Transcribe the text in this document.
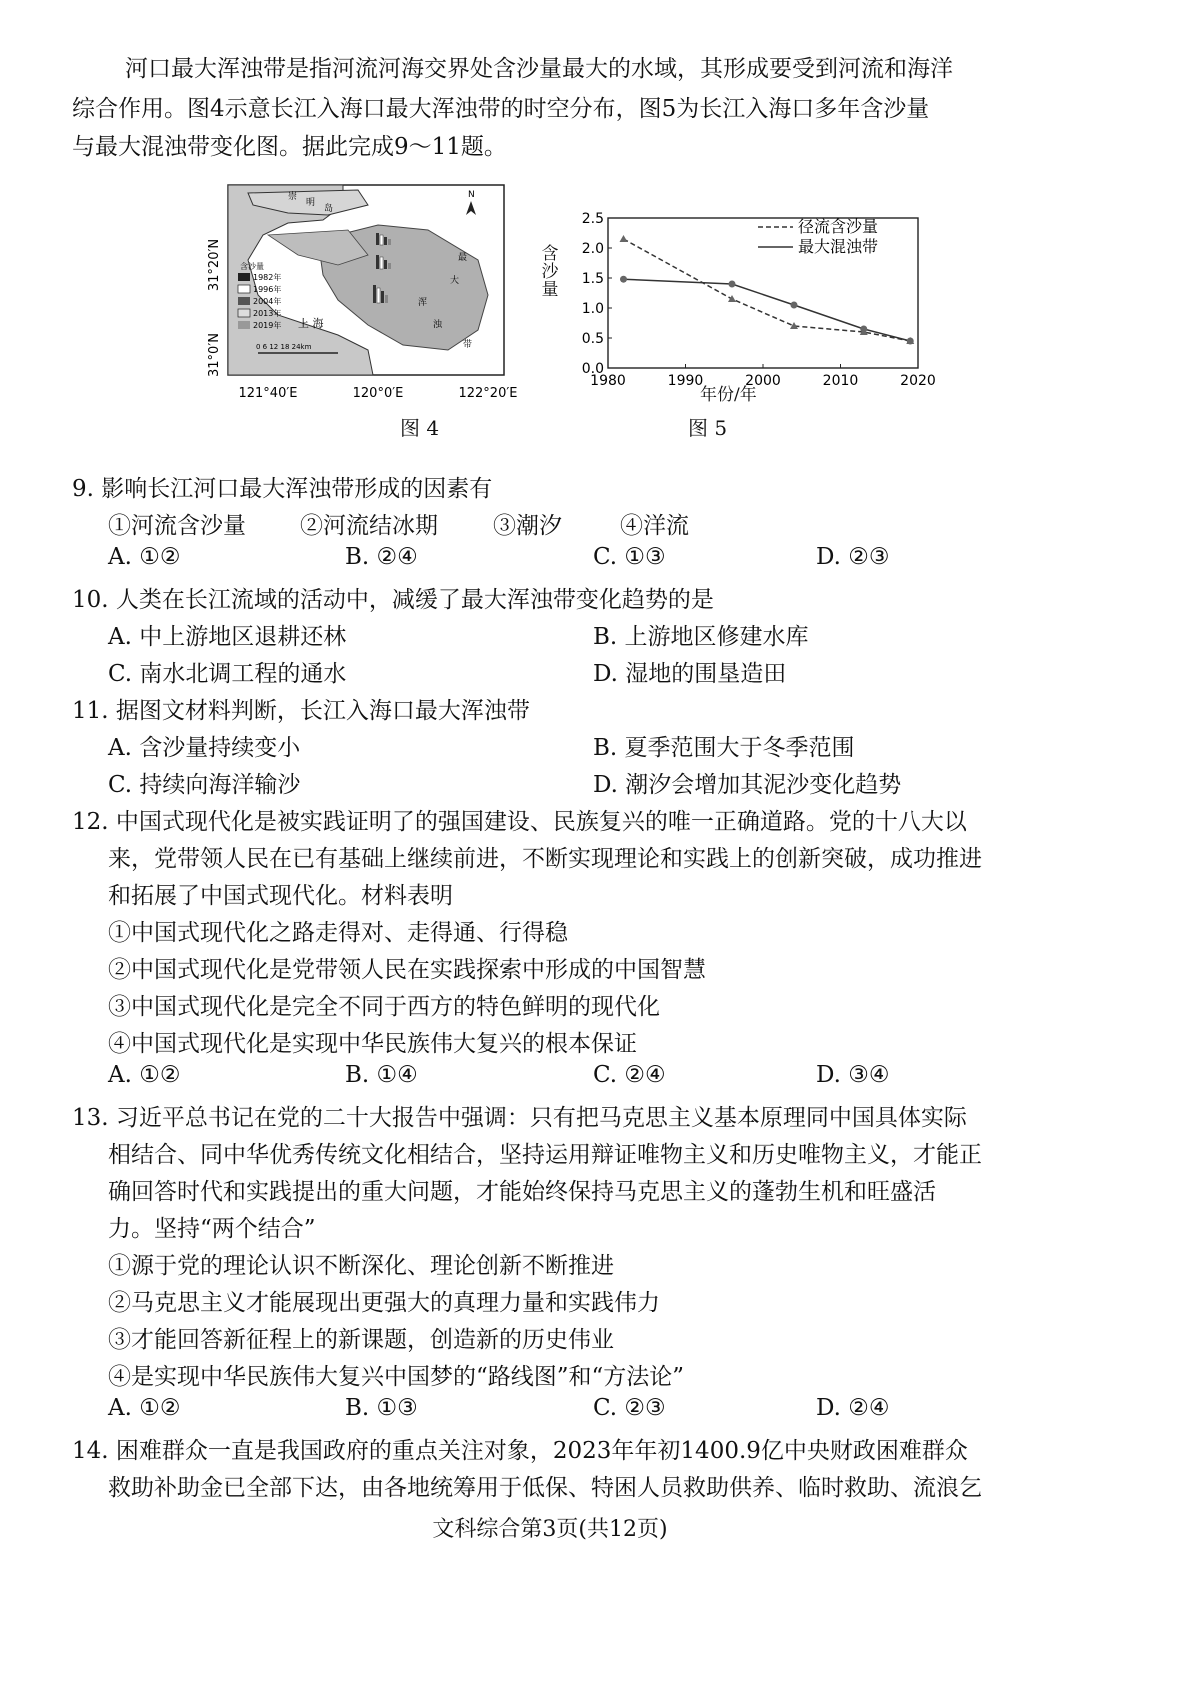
河口最大浑浊带是指河流河海交界处含沙量最大的水域，其形成要受到河流和海洋
综合作用。图4示意长江入海口最大浑浊带的时空分布，图5为长江入海口多年含沙量
与最大混浊带变化图。据此完成9～11题。
崇
明
岛
上 海
最
大
浑
浊
带
N
含沙量
1982年
1996年
2004年
2013年
2019年
0 6 12 18 24km
31°20′N
31°0′N
121°40′E	120°0′E	122°20′E
图 4
0.0
0.5
1.0
1.5
2.0
2.5
1980	1990	2000	2010	2020
径流含沙量
最大混浊带
含沙量
年份/年
图 5
9. 影响长江河口最大浑浊带形成的因素有
①河流含沙量 ②河流结冰期 ③潮汐	④洋流
A. ①②	B. ②④	C. ①③	D. ②③
10. 人类在长江流域的活动中，减缓了最大浑浊带变化趋势的是
A. 中上游地区退耕还林	B. 上游地区修建水库
C. 南水北调工程的通水	D. 湿地的围垦造田
11. 据图文材料判断，长江入海口最大浑浊带
A. 含沙量持续变小	B. 夏季范围大于冬季范围
C. 持续向海洋输沙	D. 潮汐会增加其泥沙变化趋势
12. 中国式现代化是被实践证明了的强国建设、民族复兴的唯一正确道路。党的十八大以
来，党带领人民在已有基础上继续前进，不断实现理论和实践上的创新突破，成功推进
和拓展了中国式现代化。材料表明
①中国式现代化之路走得对、走得通、行得稳
②中国式现代化是党带领人民在实践探索中形成的中国智慧
③中国式现代化是完全不同于西方的特色鲜明的现代化
④中国式现代化是实现中华民族伟大复兴的根本保证
A. ①②	B. ①④	C. ②④	D. ③④
13. 习近平总书记在党的二十大报告中强调：只有把马克思主义基本原理同中国具体实际
相结合、同中华优秀传统文化相结合，坚持运用辩证唯物主义和历史唯物主义，才能正
确回答时代和实践提出的重大问题，才能始终保持马克思主义的蓬勃生机和旺盛活
力。坚持“两个结合”
①源于党的理论认识不断深化、理论创新不断推进
②马克思主义才能展现出更强大的真理力量和实践伟力
③才能回答新征程上的新课题，创造新的历史伟业
④是实现中华民族伟大复兴中国梦的“路线图”和“方法论”
A. ①②	B. ①③	C. ②③	D. ②④
14. 困难群众一直是我国政府的重点关注对象，2023年年初1400.9亿中央财政困难群众
救助补助金已全部下达，由各地统筹用于低保、特困人员救助供养、临时救助、流浪乞
文科综合第3页(共12页)
